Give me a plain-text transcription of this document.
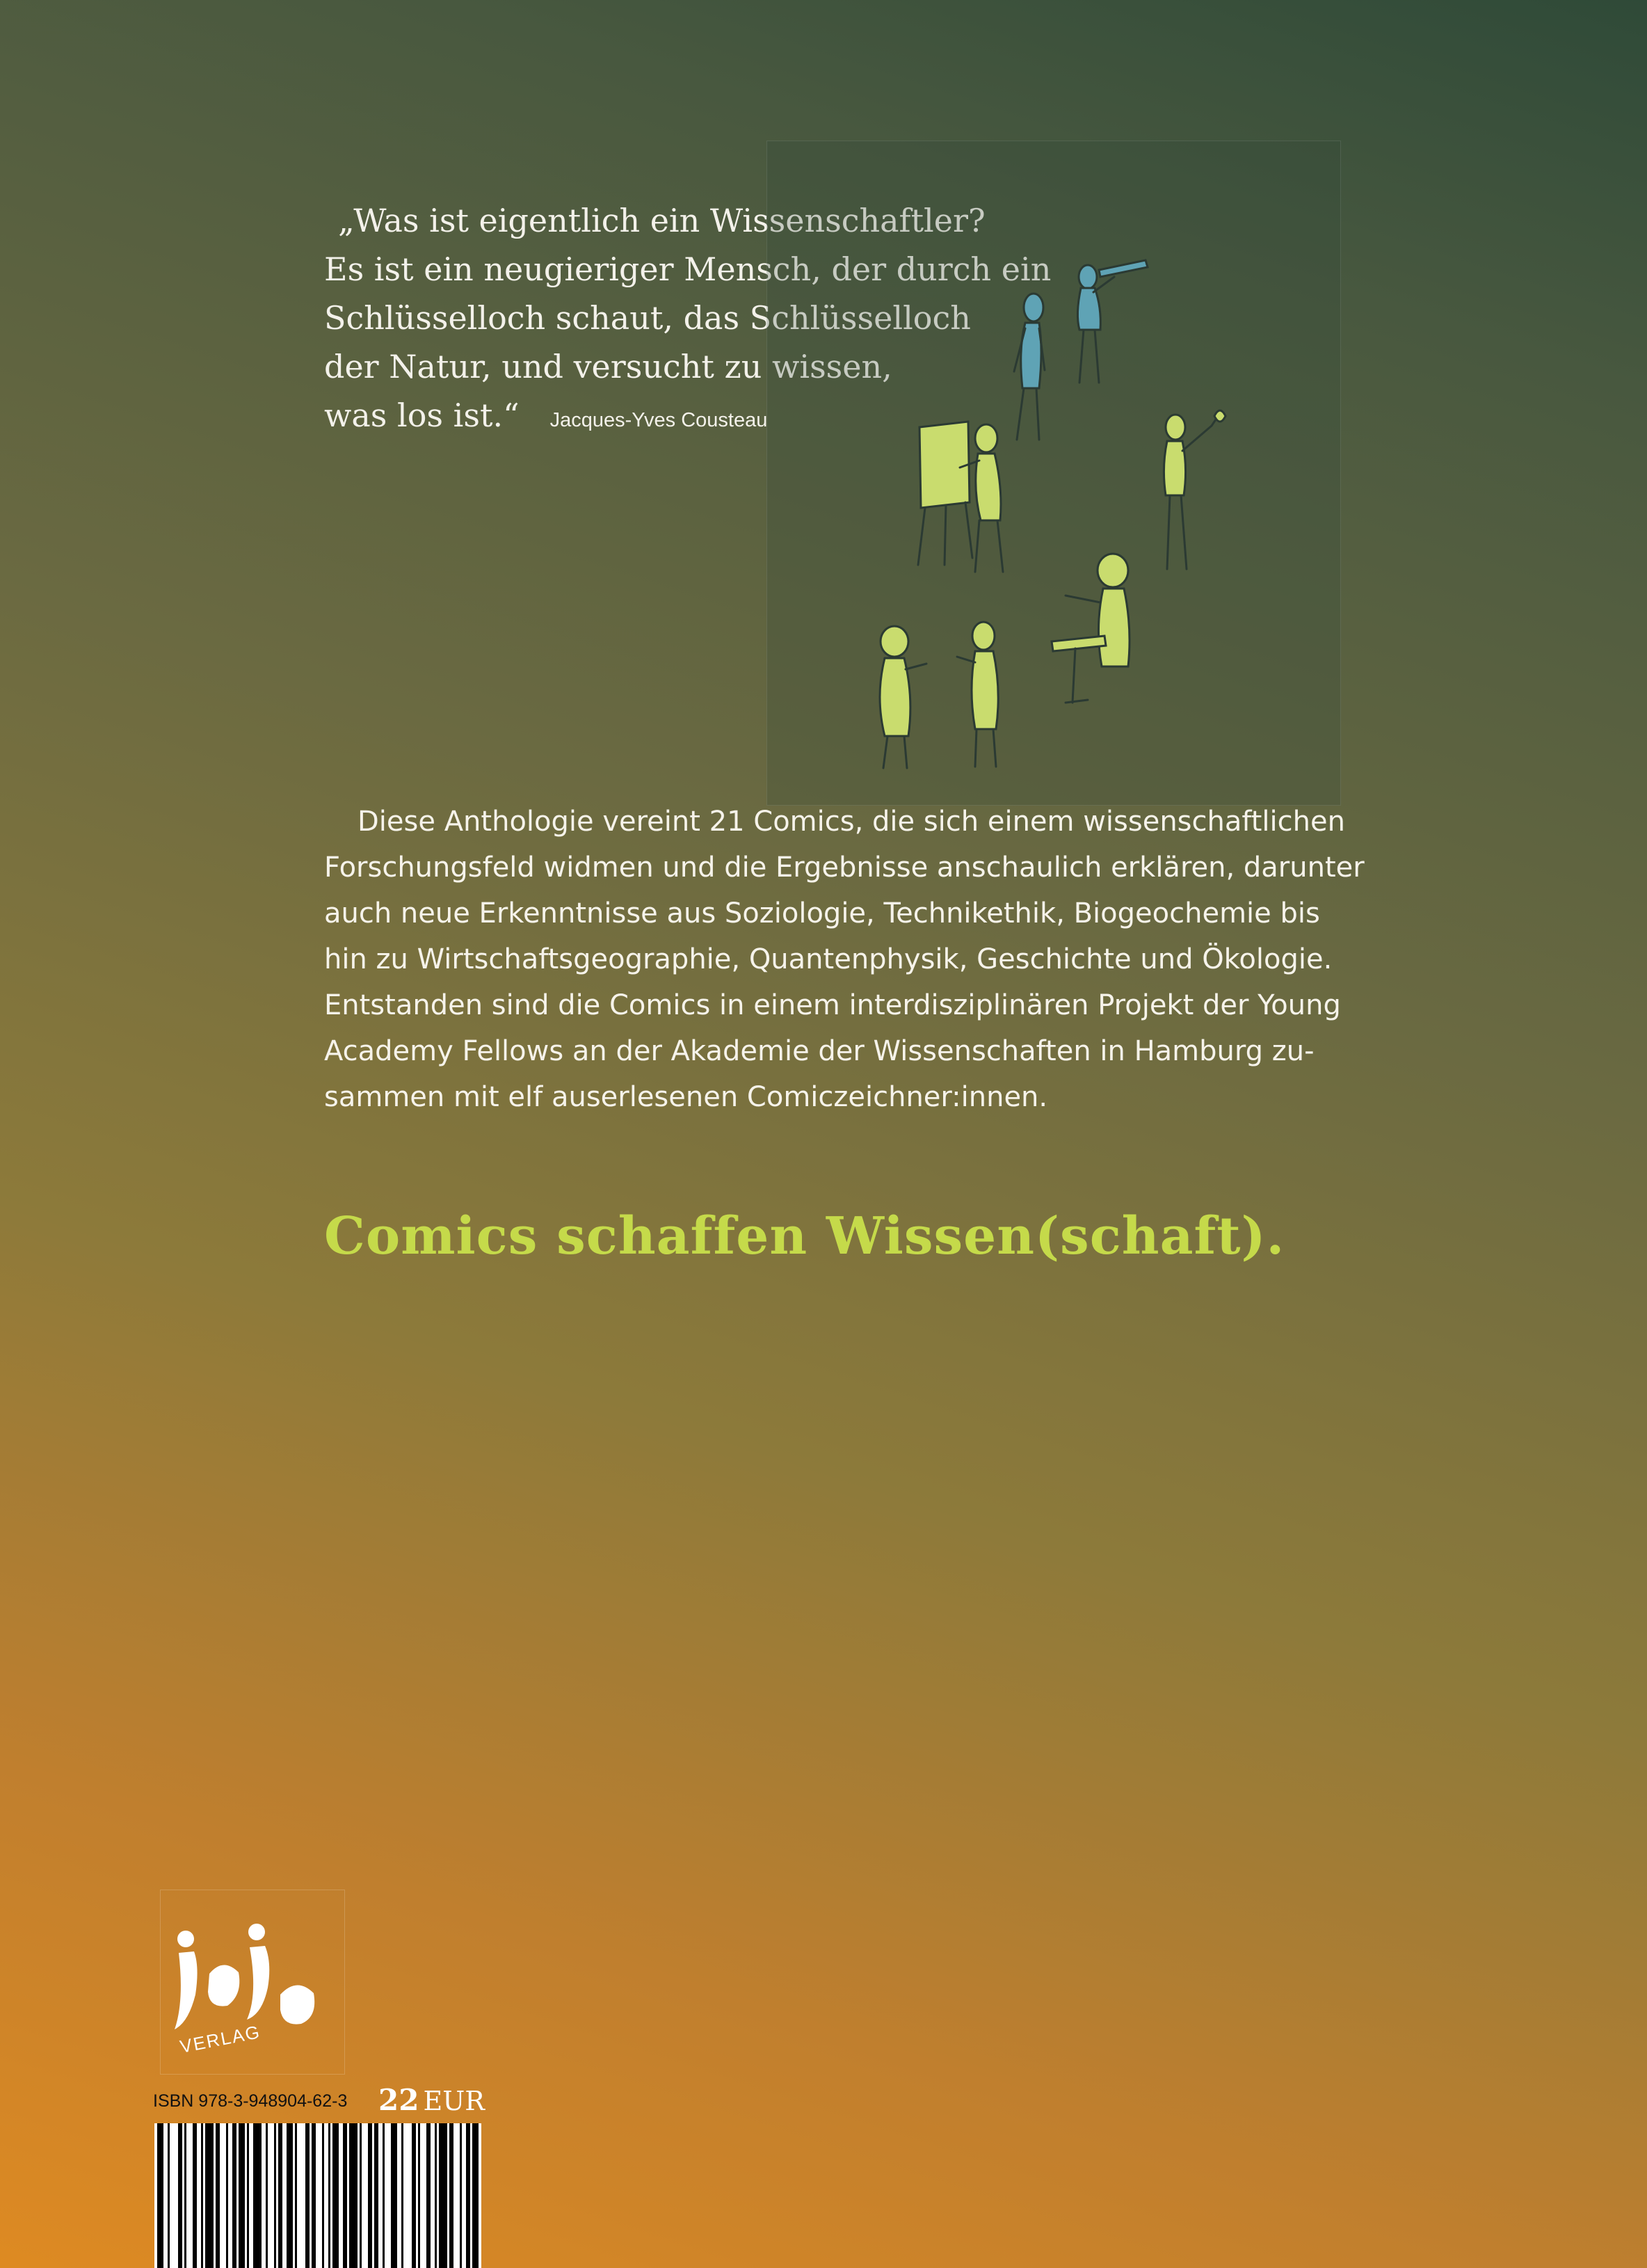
„Was ist eigentlich ein Wissenschaftler?
Es ist ein neugieriger Mensch, der durch ein
Schlüsselloch schaut, das Schlüsselloch
der Natur, und versucht zu wissen,
was los ist.“ Jacques-Yves Cousteau

Diese Anthologie vereint 21 Comics, die sich einem wissenschaftlichen
Forschungsfeld widmen und die Ergebnisse anschaulich erklären, darunter
auch neue Erkenntnisse aus Soziologie, Technikethik, Biogeochemie bis
hin zu Wirtschaftsgeographie, Quantenphysik, Geschichte und Ökologie.
Entstanden sind die Comics in einem interdisziplinären Projekt der Young
Academy Fellows an der Akademie der Wissenschaften in Hamburg zu-
sammen mit elf auserlesenen Comiczeichner:innen.

Comics schaffen Wissen(schaft).

VERLAG
ISBN 978-3-948904-62-3 22 EUR
